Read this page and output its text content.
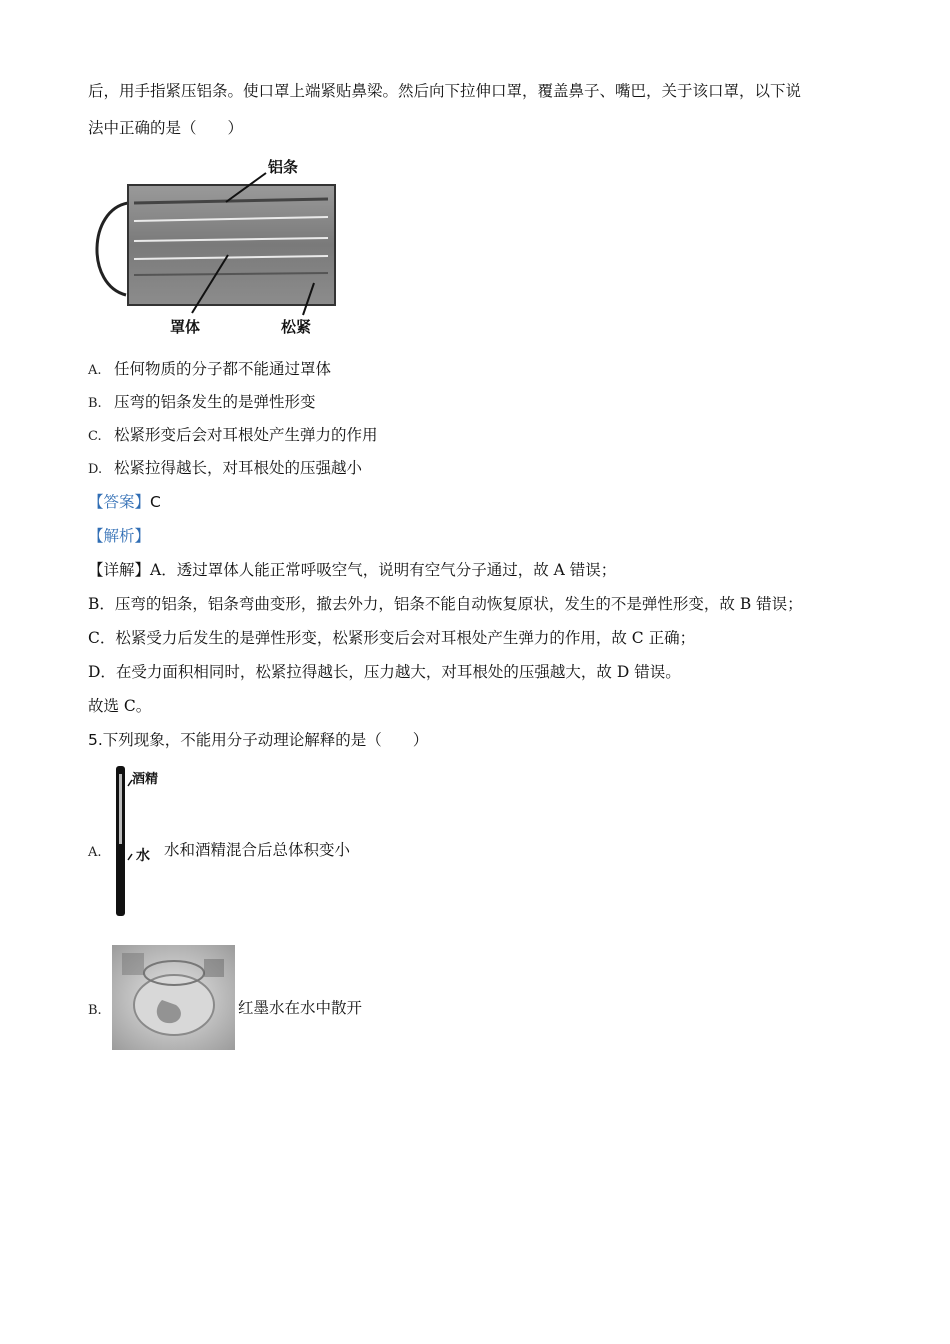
后，用手指紧压铝条。使口罩上端紧贴鼻梁。然后向下拉伸口罩，覆盖鼻子、嘴巴，关于该口罩，以下说
法中正确的是（　　）
铝条
罩体	松紧
A. 任何物质的分子都不能通过罩体
B. 压弯的铝条发生的是弹性形变
C. 松紧形变后会对耳根处产生弹力的作用
D. 松紧拉得越长，对耳根处的压强越小
【答案】C
【解析】
【详解】A．透过罩体人能正常呼吸空气，说明有空气分子通过，故 A 错误；
B．压弯的铝条，铝条弯曲变形，撤去外力，铝条不能自动恢复原状，发生的不是弹性形变，故 B 错误；
C．松紧受力后发生的是弹性形变，松紧形变后会对耳根处产生弹力的作用，故 C 正确；
D．在受力面积相同时，松紧拉得越长，压力越大，对耳根处的压强越大，故 D 错误。
故选 C。
5.下列现象，不能用分子动理论解释的是（　　）
A.
酒精
水 水和酒精混合后总体积变小
B.	红墨水在水中散开
